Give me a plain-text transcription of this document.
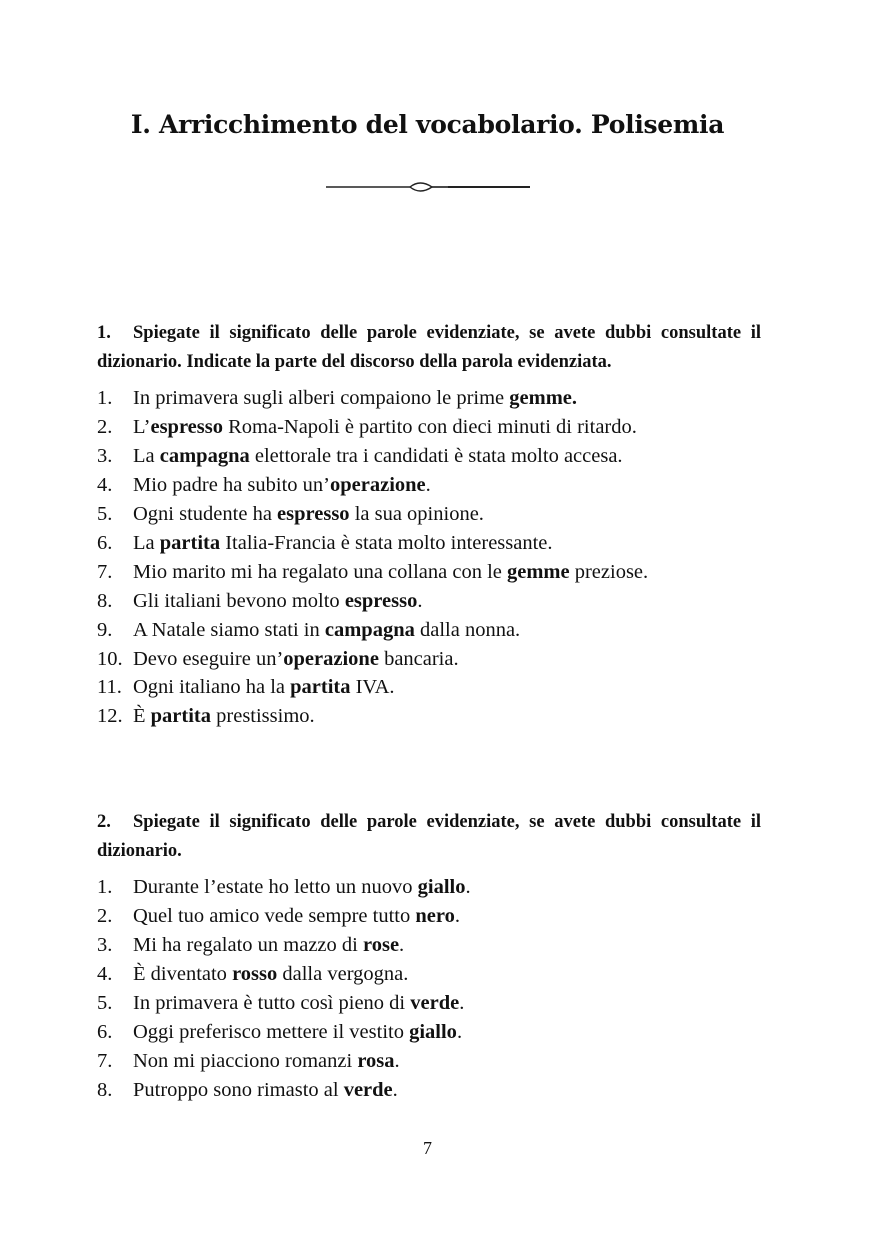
I. Arricchimento del vocabolario. Polisemia

1. Spiegate il significato delle parole evidenziate, se avete dubbi consultate il dizionario. Indicate la parte del discorso della parola evidenziata.

1.	In primavera sugli alberi compaiono le prime gemme.
2.	L’espresso Roma-Napoli è partito con dieci minuti di ritardo.
3.	La campagna elettorale tra i candidati è stata molto accesa.
4.	Mio padre ha subito un’operazione.
5.	Ogni studente ha espresso la sua opinione.
6.	La partita Italia-Francia è stata molto interessante.
7.	Mio marito mi ha regalato una collana con le gemme preziose.
8.	Gli italiani bevono molto espresso.
9.	A Natale siamo stati in campagna dalla nonna.
10. Devo eseguire un’operazione bancaria.
11. Ogni italiano ha la partita IVA.
12. È partita prestissimo.

2. Spiegate il significato delle parole evidenziate, se avete dubbi consultate il dizionario.

1.	Durante l’estate ho letto un nuovo giallo.
2.	Quel tuo amico vede sempre tutto nero.
3.	Mi ha regalato un mazzo di rose.
4.	È diventato rosso dalla vergogna.
5.	In primavera è tutto così pieno di verde.
6.	Oggi preferisco mettere il vestito giallo.
7.	Non mi piacciono romanzi rosa.
8.	Putroppo sono rimasto al verde.
7
